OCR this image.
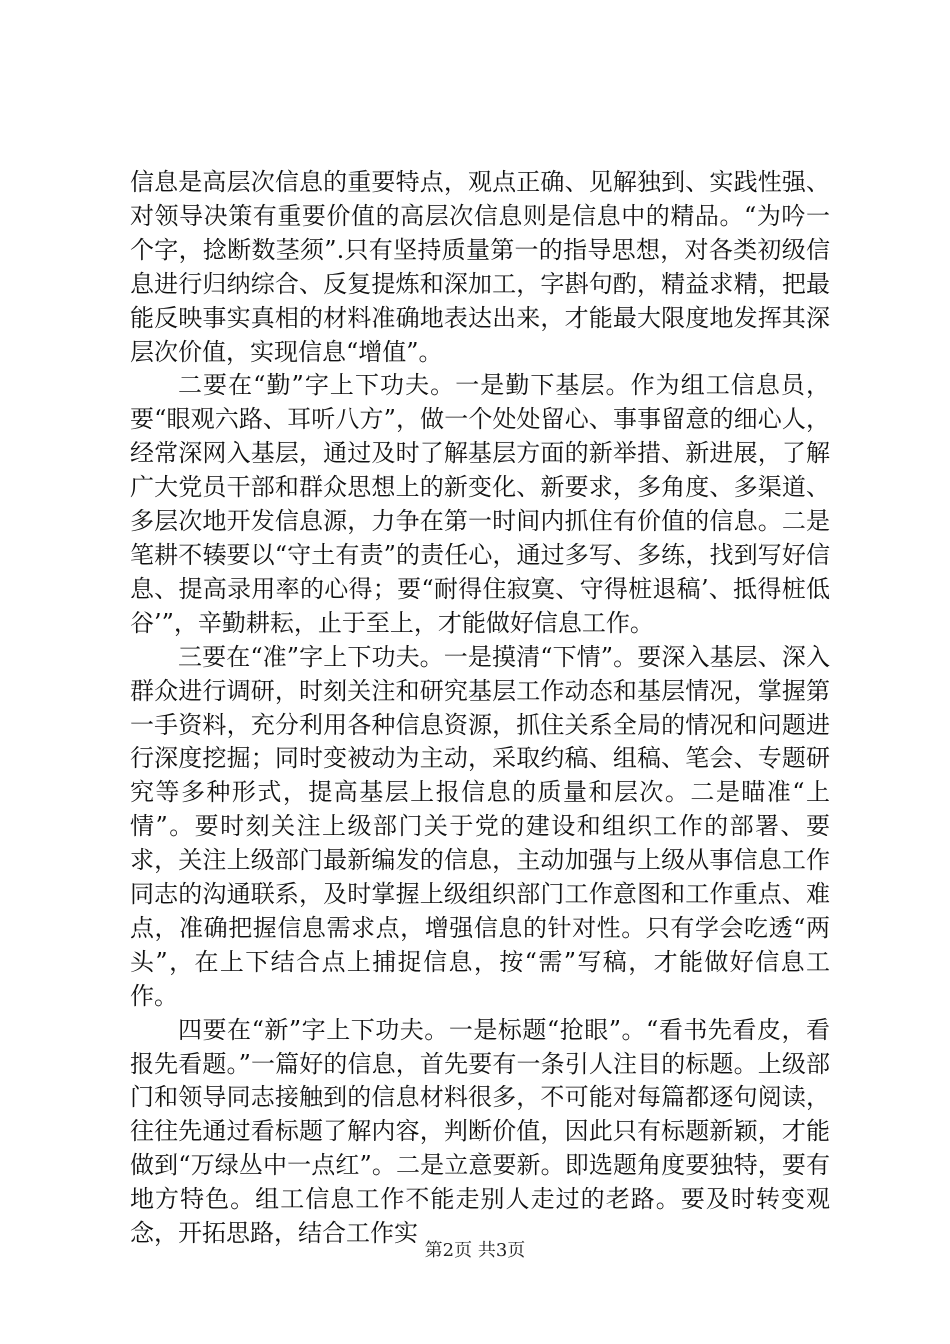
信息是高层次信息的重要特点，观点正确、见解独到、实践性强、对领导决策有重要价值的高层次信息则是信息中的精品。“为吟一个字，捻断数茎须”.只有坚持质量第一的指导思想，对各类初级信息进行归纳综合、反复提炼和深加工，字斟句酌，精益求精，把最能反映事实真相的材料准确地表达出来，才能最大限度地发挥其深层次价值，实现信息“增值”。

二要在“勤”字上下功夫。一是勤下基层。作为组工信息员，要“眼观六路、耳听八方”，做一个处处留心、事事留意的细心人，经常深网入基层，通过及时了解基层方面的新举措、新进展，了解广大党员干部和群众思想上的新变化、新要求，多角度、多渠道、多层次地开发信息源，力争在第一时间内抓住有价值的信息。二是笔耕不辏要以“守土有责”的责任心，通过多写、多练，找到写好信息、提高录用率的心得；要“耐得住寂寞、守得桩退稿’、抵得桩低谷’”，辛勤耕耘，止于至上，才能做好信息工作。

三要在“准”字上下功夫。一是摸清“下情”。要深入基层、深入群众进行调研，时刻关注和研究基层工作动态和基层情况，掌握第一手资料，充分利用各种信息资源，抓住关系全局的情况和问题进行深度挖掘；同时变被动为主动，采取约稿、组稿、笔会、专题研究等多种形式，提高基层上报信息的质量和层次。二是瞄准“上情”。要时刻关注上级部门关于党的建设和组织工作的部署、要求，关注上级部门最新编发的信息，主动加强与上级从事信息工作同志的沟通联系，及时掌握上级组织部门工作意图和工作重点、难点，准确把握信息需求点，增强信息的针对性。只有学会吃透“两头”，在上下结合点上捕捉信息，按“需”写稿，才能做好信息工作。

四要在“新”字上下功夫。一是标题“抢眼”。“看书先看皮，看报先看题。”一篇好的信息，首先要有一条引人注目的标题。上级部门和领导同志接触到的信息材料很多，不可能对每篇都逐句阅读，往往先通过看标题了解内容，判断价值，因此只有标题新颖，才能做到“万绿丛中一点红”。二是立意要新。即选题角度要独特，要有地方特色。组工信息工作不能走别人走过的老路。要及时转变观念，开拓思路，结合工作实

第2页 共3页
